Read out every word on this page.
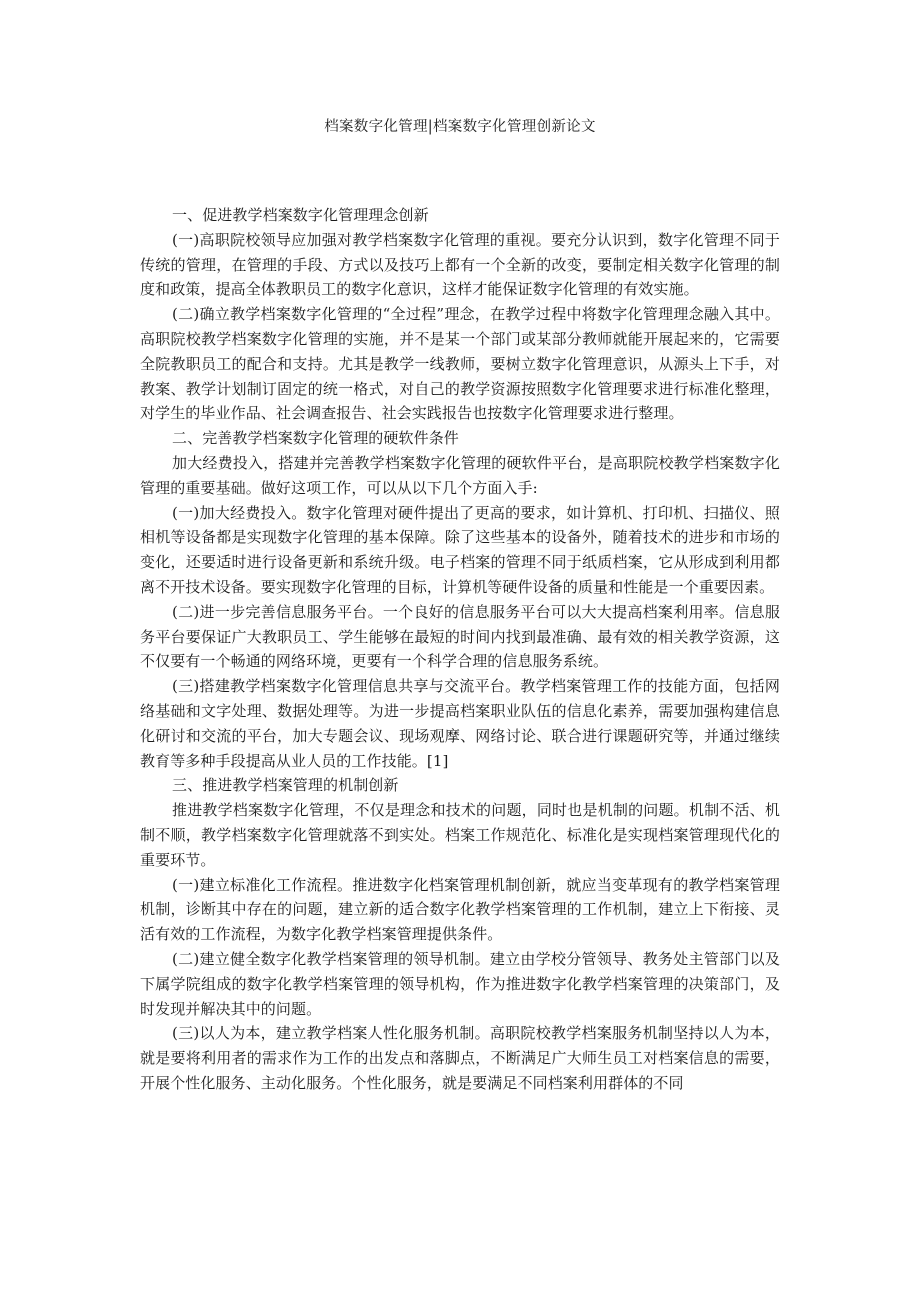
档案数字化管理|档案数字化管理创新论文

一、促进教学档案数字化管理理念创新

(一)高职院校领导应加强对教学档案数字化管理的重视。要充分认识到，数字化管理不同于传统的管理，在管理的手段、方式以及技巧上都有一个全新的改变，要制定相关数字化管理的制度和政策，提高全体教职员工的数字化意识，这样才能保证数字化管理的有效实施。

(二)确立教学档案数字化管理的“全过程”理念，在教学过程中将数字化管理理念融入其中。高职院校教学档案数字化管理的实施，并不是某一个部门或某部分教师就能开展起来的，它需要全院教职员工的配合和支持。尤其是教学一线教师，要树立数字化管理意识，从源头上下手，对教案、教学计划制订固定的统一格式，对自己的教学资源按照数字化管理要求进行标准化整理，对学生的毕业作品、社会调查报告、社会实践报告也按数字化管理要求进行整理。

二、完善教学档案数字化管理的硬软件条件

加大经费投入，搭建并完善教学档案数字化管理的硬软件平台，是高职院校教学档案数字化管理的重要基础。做好这项工作，可以从以下几个方面入手:

(一)加大经费投入。数字化管理对硬件提出了更高的要求，如计算机、打印机、扫描仪、照相机等设备都是实现数字化管理的基本保障。除了这些基本的设备外，随着技术的进步和市场的变化，还要适时进行设备更新和系统升级。电子档案的管理不同于纸质档案，它从形成到利用都离不开技术设备。要实现数字化管理的目标，计算机等硬件设备的质量和性能是一个重要因素。

(二)进一步完善信息服务平台。一个良好的信息服务平台可以大大提高档案利用率。信息服务平台要保证广大教职员工、学生能够在最短的时间内找到最准确、最有效的相关教学资源，这不仅要有一个畅通的网络环境，更要有一个科学合理的信息服务系统。

(三)搭建教学档案数字化管理信息共享与交流平台。教学档案管理工作的技能方面，包括网络基础和文字处理、数据处理等。为进一步提高档案职业队伍的信息化素养，需要加强构建信息化研讨和交流的平台，加大专题会议、现场观摩、网络讨论、联合进行课题研究等，并通过继续教育等多种手段提高从业人员的工作技能。[1]

三、推进教学档案管理的机制创新

推进教学档案数字化管理，不仅是理念和技术的问题，同时也是机制的问题。机制不活、机制不顺，教学档案数字化管理就落不到实处。档案工作规范化、标准化是实现档案管理现代化的重要环节。

(一)建立标准化工作流程。推进数字化档案管理机制创新，就应当变革现有的教学档案管理机制，诊断其中存在的问题，建立新的适合数字化教学档案管理的工作机制，建立上下衔接、灵活有效的工作流程，为数字化教学档案管理提供条件。

(二)建立健全数字化教学档案管理的领导机制。建立由学校分管领导、教务处主管部门以及下属学院组成的数字化教学档案管理的领导机构，作为推进数字化教学档案管理的决策部门，及时发现并解决其中的问题。

(三)以人为本，建立教学档案人性化服务机制。高职院校教学档案服务机制坚持以人为本，就是要将利用者的需求作为工作的出发点和落脚点，不断满足广大师生员工对档案信息的需要，开展个性化服务、主动化服务。个性化服务，就是要满足不同档案利用群体的不同
